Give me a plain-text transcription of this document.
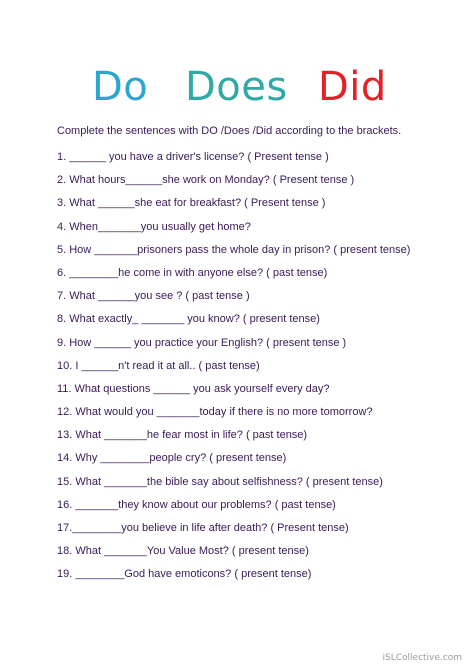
Do Does Did
Complete the sentences with DO /Does /Did according to the brackets.
1. ______ you have a driver's license? ( Present tense )
2. What hours______she work on Monday? ( Present tense )
3. What ______she eat for breakfast? ( Present tense )
4. When_______you usually get home?
5. How _______prisoners pass the whole day in prison? ( present tense)
6. ________he come in with anyone else? ( past tense)
7. What ______you see ? ( past tense )
8. What exactly_ _______ you know? ( present tense)
9. How ______ you practice your English? ( present tense )
10. I ______n't read it at all.. ( past tense)
11. What questions ______ you ask yourself every day?
12. What would you _______today if there is no more tomorrow?
13. What _______he fear most in life? ( past tense)
14. Why ________people cry? ( present tense)
15. What _______the bible say about selfishness? ( present tense)
16. _______they know about our problems? ( past tense)
17.________you believe in life after death? ( Present tense)
18. What _______You Value Most? ( present tense)
19. ________God have emoticons? ( present tense)
iSLCollective.com
